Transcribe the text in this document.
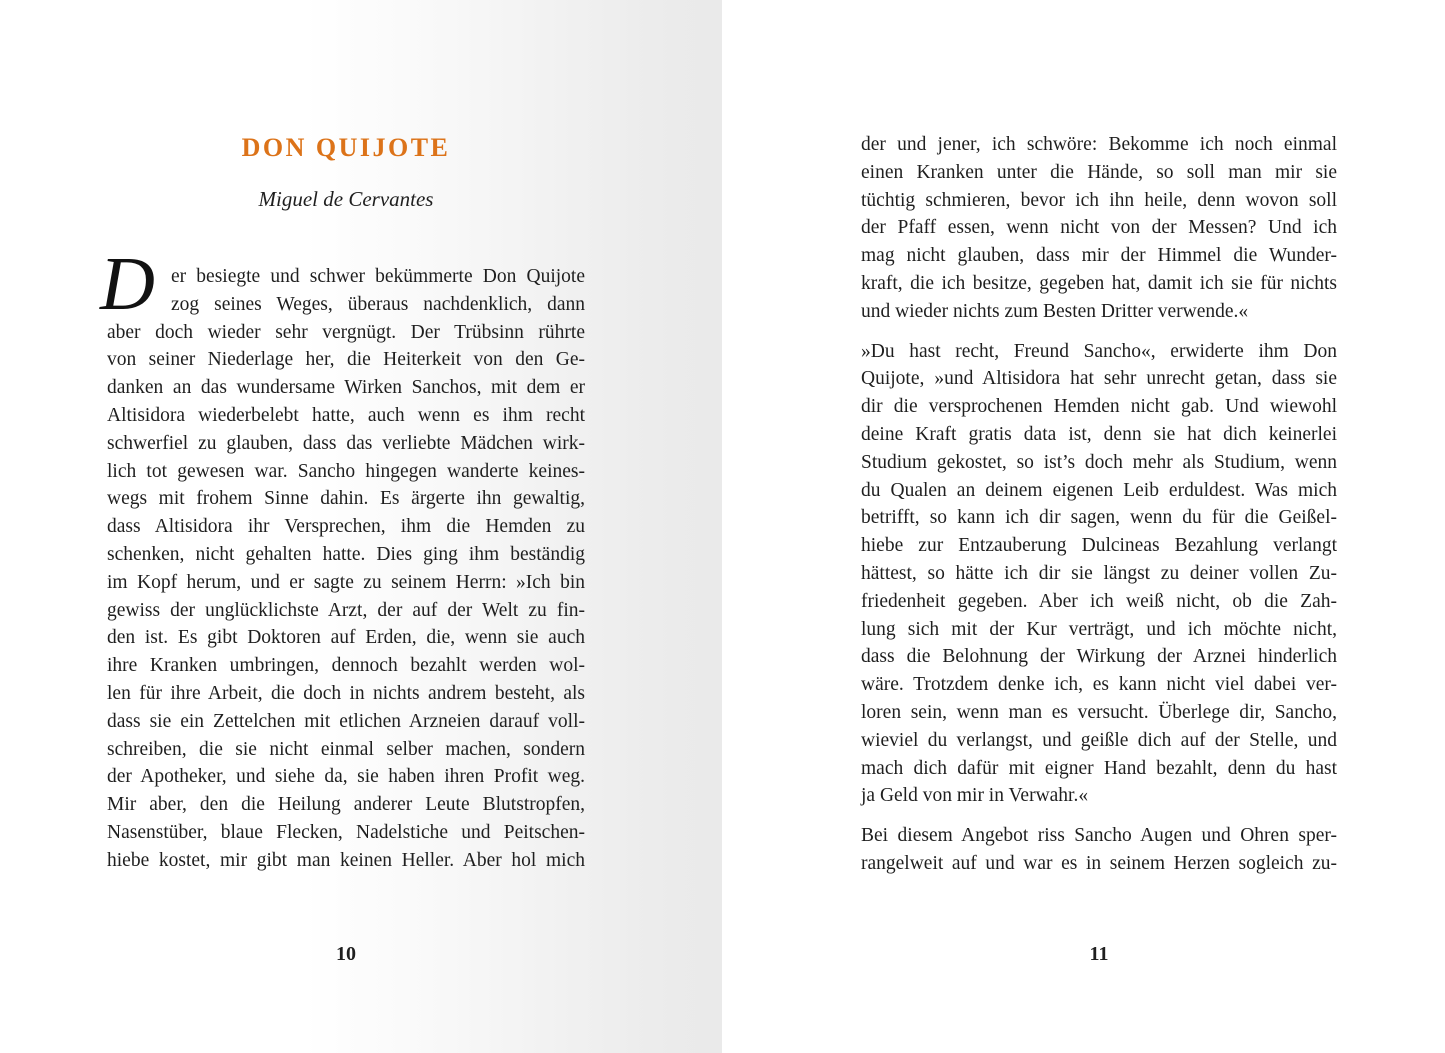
DON QUIJOTE
Miguel de Cervantes
D er besiegte und schwer bekümmerte Don Quijote
zog seines Weges, überaus nachdenklich, dann
aber doch wieder sehr vergnügt. Der Trübsinn rührte
von seiner Niederlage her, die Heiterkeit von den Ge-
danken an das wundersame Wirken Sanchos, mit dem er
Altisidora wiederbelebt hatte, auch wenn es ihm recht
schwerfiel zu glauben, dass das verliebte Mädchen wirk-
lich tot gewesen war. Sancho hingegen wanderte keines-
wegs mit frohem Sinne dahin. Es ärgerte ihn gewaltig,
dass Altisidora ihr Versprechen, ihm die Hemden zu
schenken, nicht gehalten hatte. Dies ging ihm beständig
im Kopf herum, und er sagte zu seinem Herrn: »Ich bin
gewiss der unglücklichste Arzt, der auf der Welt zu fin-
den ist. Es gibt Doktoren auf Erden, die, wenn sie auch
ihre Kranken umbringen, dennoch bezahlt werden wol-
len für ihre Arbeit, die doch in nichts andrem besteht, als
dass sie ein Zettelchen mit etlichen Arzneien darauf voll-
schreiben, die sie nicht einmal selber machen, sondern
der Apotheker, und siehe da, sie haben ihren Profit weg.
Mir aber, den die Heilung anderer Leute Blutstropfen,
Nasenstüber, blaue Flecken, Nadelstiche und Peitschen-
hiebe kostet, mir gibt man keinen Heller. Aber hol mich
10
der und jener, ich schwöre: Bekomme ich noch einmal
einen Kranken unter die Hände, so soll man mir sie
tüchtig schmieren, bevor ich ihn heile, denn wovon soll
der Pfaff essen, wenn nicht von der Messen? Und ich
mag nicht glauben, dass mir der Himmel die Wunder-
kraft, die ich besitze, gegeben hat, damit ich sie für nichts
und wieder nichts zum Besten Dritter verwende.«
»Du hast recht, Freund Sancho«, erwiderte ihm Don
Quijote, »und Altisidora hat sehr unrecht getan, dass sie
dir die versprochenen Hemden nicht gab. Und wiewohl
deine Kraft gratis data ist, denn sie hat dich keinerlei
Studium gekostet, so ist’s doch mehr als Studium, wenn
du Qualen an deinem eigenen Leib erduldest. Was mich
betrifft, so kann ich dir sagen, wenn du für die Geißel-
hiebe zur Entzauberung Dulcineas Bezahlung verlangt
hättest, so hätte ich dir sie längst zu deiner vollen Zu-
friedenheit gegeben. Aber ich weiß nicht, ob die Zah-
lung sich mit der Kur verträgt, und ich möchte nicht,
dass die Belohnung der Wirkung der Arznei hinderlich
wäre. Trotzdem denke ich, es kann nicht viel dabei ver-
loren sein, wenn man es versucht. Überlege dir, Sancho,
wieviel du verlangst, und geißle dich auf der Stelle, und
mach dich dafür mit eigner Hand bezahlt, denn du hast
ja Geld von mir in Verwahr.«
Bei diesem Angebot riss Sancho Augen und Ohren sper-
rangelweit auf und war es in seinem Herzen sogleich zu-
11
